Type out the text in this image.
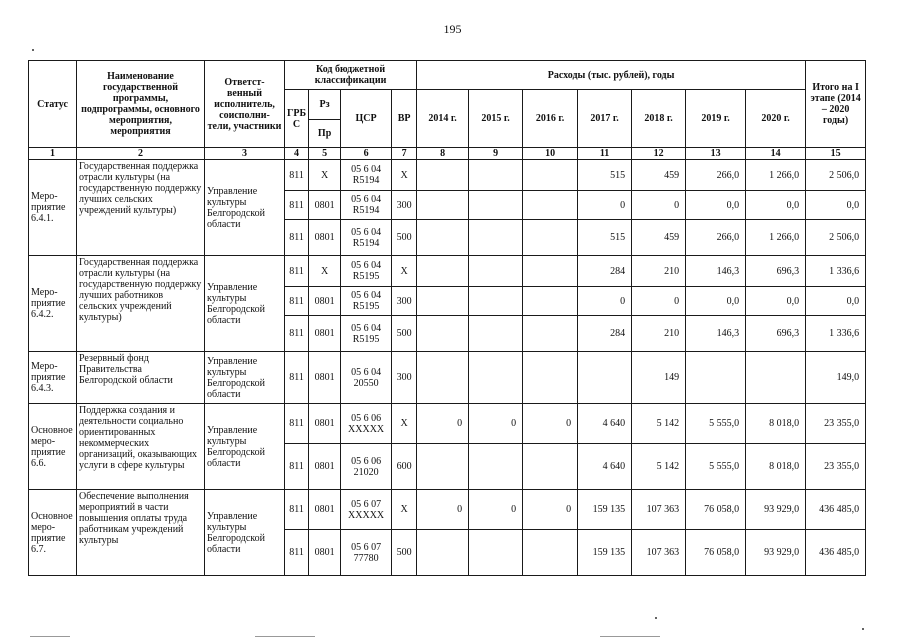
195
Статус	Наименование государственной программы, подпрограммы, основного мероприятия, мероприятия	Ответст- венный исполнитель, соисполни- тели, участники	Код бюджетной классификации				Расходы (тыс. рублей), годы							Итого на I этапе (2014 – 2020 годы)
			ГРБ С	Рз	ЦСР	ВР	2014 г.	2015 г.	2016 г.	2017 г.	2018 г.	2019 г.	2020 г.	
				Пр										
1	2	3	4	5	6	7	8	9	10	11	12	13	14	15
Меро- приятие 6.4.1.	Государственная поддержка отрасли культуры (на государственную поддержку лучших сельских учреждений культуры)	Управление культуры Белгородской области	811	Х	05 6 04 R5194	Х				515	459	266,0	1 266,0	2 506,0
			811	0801	05 6 04 R5194	300				0	0	0,0	0,0	0,0
			811	0801	05 6 04 R5194	500				515	459	266,0	1 266,0	2 506,0
Меро- приятие 6.4.2.	Государственная поддержка отрасли культуры (на государственную поддержку лучших работников сельских учреждений культуры)	Управление культуры Белгородской области	811	Х	05 6 04 R5195	Х				284	210	146,3	696,3	1 336,6
			811	0801	05 6 04 R5195	300				0	0	0,0	0,0	0,0
			811	0801	05 6 04 R5195	500				284	210	146,3	696,3	1 336,6
Меро- приятие 6.4.3.	Резервный фонд Правительства Белгородской области	Управление культуры Белгородской области	811	0801	05 6 04 20550	300					149			149,0
Основное меро- приятие 6.6.	Поддержка создания и деятельности социально ориентированных некоммерческих организаций, оказывающих услуги в сфере культуры	Управление культуры Белгородской области	811	0801	05 6 06 ХХХХХ	Х	0	0	0	4 640	5 142	5 555,0	8 018,0	23 355,0
			811	0801	05 6 06 21020	600				4 640	5 142	5 555,0	8 018,0	23 355,0
Основное меро- приятие 6.7.	Обеспечение выполнения мероприятий в части повышения оплаты труда работникам учреждений культуры	Управление культуры Белгородской области	811	0801	05 6 07 ХХХХХ	Х	0	0	0	159 135	107 363	76 058,0	93 929,0	436 485,0
			811	0801	05 6 07 77780	500				159 135	107 363	76 058,0	93 929,0	436 485,0
